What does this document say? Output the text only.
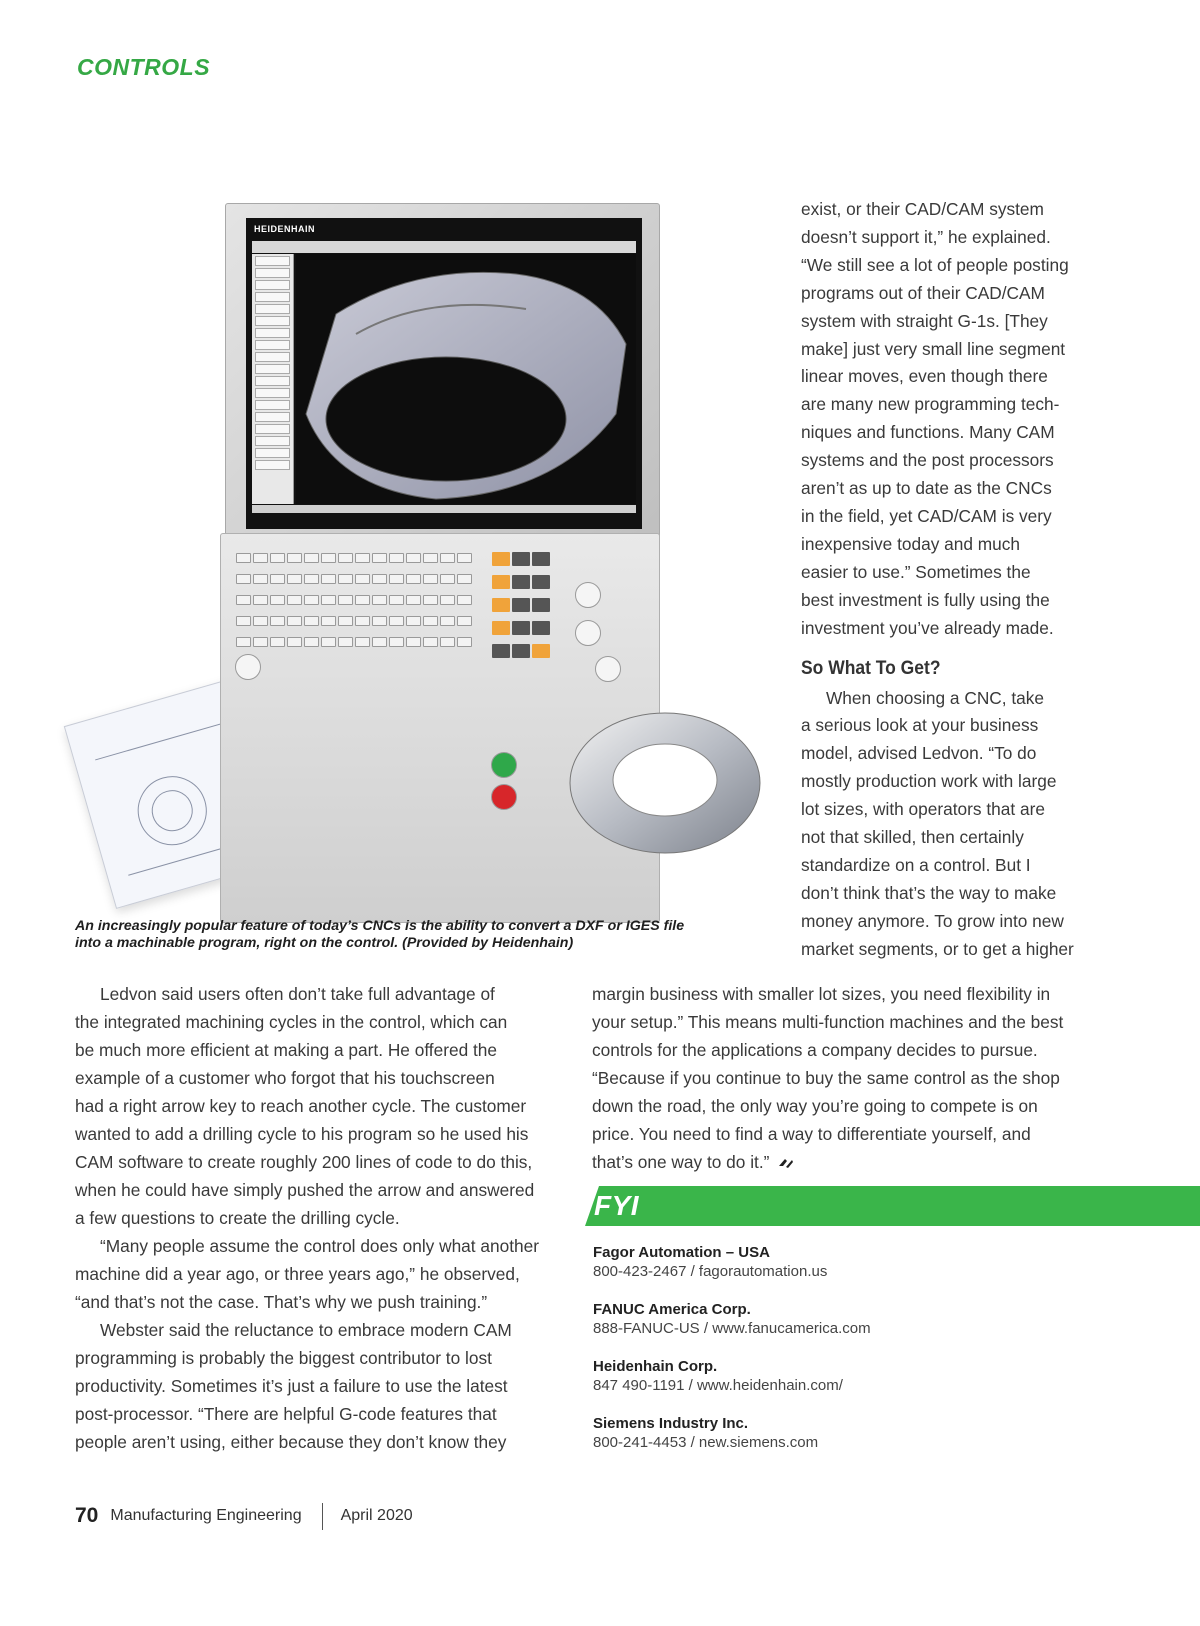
CONTROLS
HEIDENHAIN

An increasingly popular feature of today’s CNCs is the ability to convert a DXF or IGES file
into a machinable program, right on the control. (Provided by Heidenhain)
exist, or their CAD/CAM system
doesn’t support it,” he explained.
“We still see a lot of people posting
programs out of their CAD/CAM
system with straight G-1s. [They
make] just very small line segment
linear moves, even though there
are many new programming tech-
niques and functions. Many CAM
systems and the post processors
aren’t as up to date as the CNCs
in the field, yet CAD/CAM is very
inexpensive today and much
easier to use.” Sometimes the
best investment is fully using the
investment you’ve already made.
So What To Get?
When choosing a CNC, take
a serious look at your business
model, advised Ledvon. “To do
mostly production work with large
lot sizes, with operators that are
not that skilled, then certainly
standardize on a control. But I
don’t think that’s the way to make
money anymore. To grow into new
market segments, or to get a higher
Ledvon said users often don’t take full advantage of
the integrated machining cycles in the control, which can
be much more efficient at making a part. He offered the
example of a customer who forgot that his touchscreen
had a right arrow key to reach another cycle. The customer
wanted to add a drilling cycle to his program so he used his
CAM software to create roughly 200 lines of code to do this,
when he could have simply pushed the arrow and answered
a few questions to create the drilling cycle.
“Many people assume the control does only what another
machine did a year ago, or three years ago,” he observed,
“and that’s not the case. That’s why we push training.”
Webster said the reluctance to embrace modern CAM
programming is probably the biggest contributor to lost
productivity. Sometimes it’s just a failure to use the latest
post-processor. “There are helpful G-code features that
people aren’t using, either because they don’t know they
margin business with smaller lot sizes, you need flexibility in
your setup.” This means multi-function machines and the best
controls for the applications a company decides to pursue.
“Because if you continue to buy the same control as the shop
down the road, the only way you’re going to compete is on
price. You need to find a way to differentiate yourself, and
that’s one way to do it.”
FYI
Fagor Automation – USA
800-423-2467 / fagorautomation.us
FANUC America Corp.
888-FANUC-US / www.fanucamerica.com
Heidenhain Corp.
847 490-1191 / www.heidenhain.com/
Siemens Industry Inc.
800-241-4453 / new.siemens.com
70 Manufacturing Engineering April 2020
